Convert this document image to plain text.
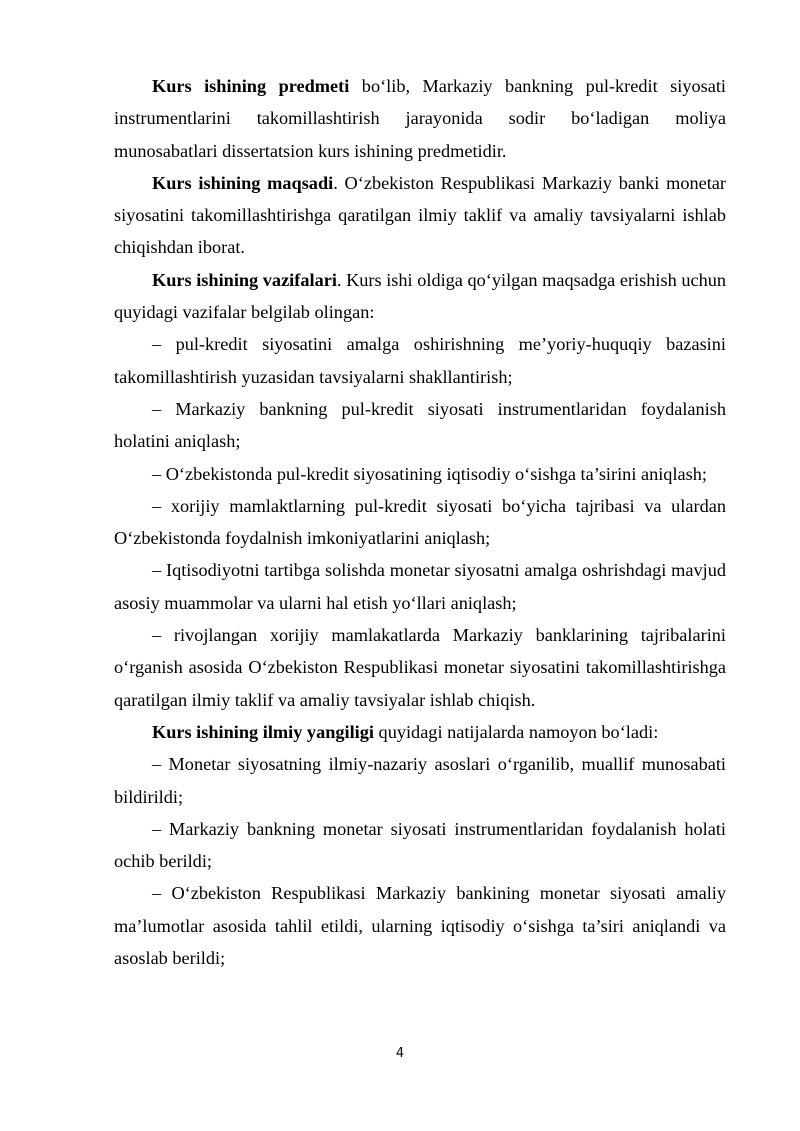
Kurs ishining predmeti bo‘lib, Markaziy bankning pul-kredit siyosati instrumentlarini takomillashtirish jarayonida sodir bo‘ladigan moliya munosabatlari dissertatsion kurs ishining predmetidir.

Kurs ishining maqsadi. O‘zbekiston Respublikasi Markaziy banki monetar siyosatini takomillashtirishga qaratilgan ilmiy taklif va amaliy tavsiyalarni ishlab chiqishdan iborat.

Kurs ishining vazifalari. Kurs ishi oldiga qo‘yilgan maqsadga erishish uchun quyidagi vazifalar belgilab olingan:

– pul-kredit siyosatini amalga oshirishning me’yoriy-huquqiy bazasini takomillashtirish yuzasidan tavsiyalarni shakllantirish;

– Markaziy bankning pul-kredit siyosati instrumentlaridan foydalanish holatini aniqlash;

– O‘zbekistonda pul-kredit siyosatining iqtisodiy o‘sishga ta’sirini aniqlash;

– xorijiy mamlaktlarning pul-kredit siyosati bo‘yicha tajribasi va ulardan O‘zbekistonda foydalnish imkoniyatlarini aniqlash;

– Iqtisodiyotni tartibga solishda monetar siyosatni amalga oshrishdagi mavjud asosiy muammolar va ularni hal etish yo‘llari aniqlash;

– rivojlangan xorijiy mamlakatlarda Markaziy banklarining tajribalarini o‘rganish asosida O‘zbekiston Respublikasi monetar siyosatini takomillashtirishga qaratilgan ilmiy taklif va amaliy tavsiyalar ishlab chiqish.

Kurs ishining ilmiy yangiligi quyidagi natijalarda namoyon bo‘ladi:

– Monetar siyosatning ilmiy-nazariy asoslari o‘rganilib, muallif munosabati bildirildi;

– Markaziy bankning monetar siyosati instrumentlaridan foydalanish holati ochib berildi;

– O‘zbekiston Respublikasi Markaziy bankining monetar siyosati amaliy ma’lumotlar asosida tahlil etildi, ularning iqtisodiy o‘sishga ta’siri aniqlandi va asoslab berildi;

4
